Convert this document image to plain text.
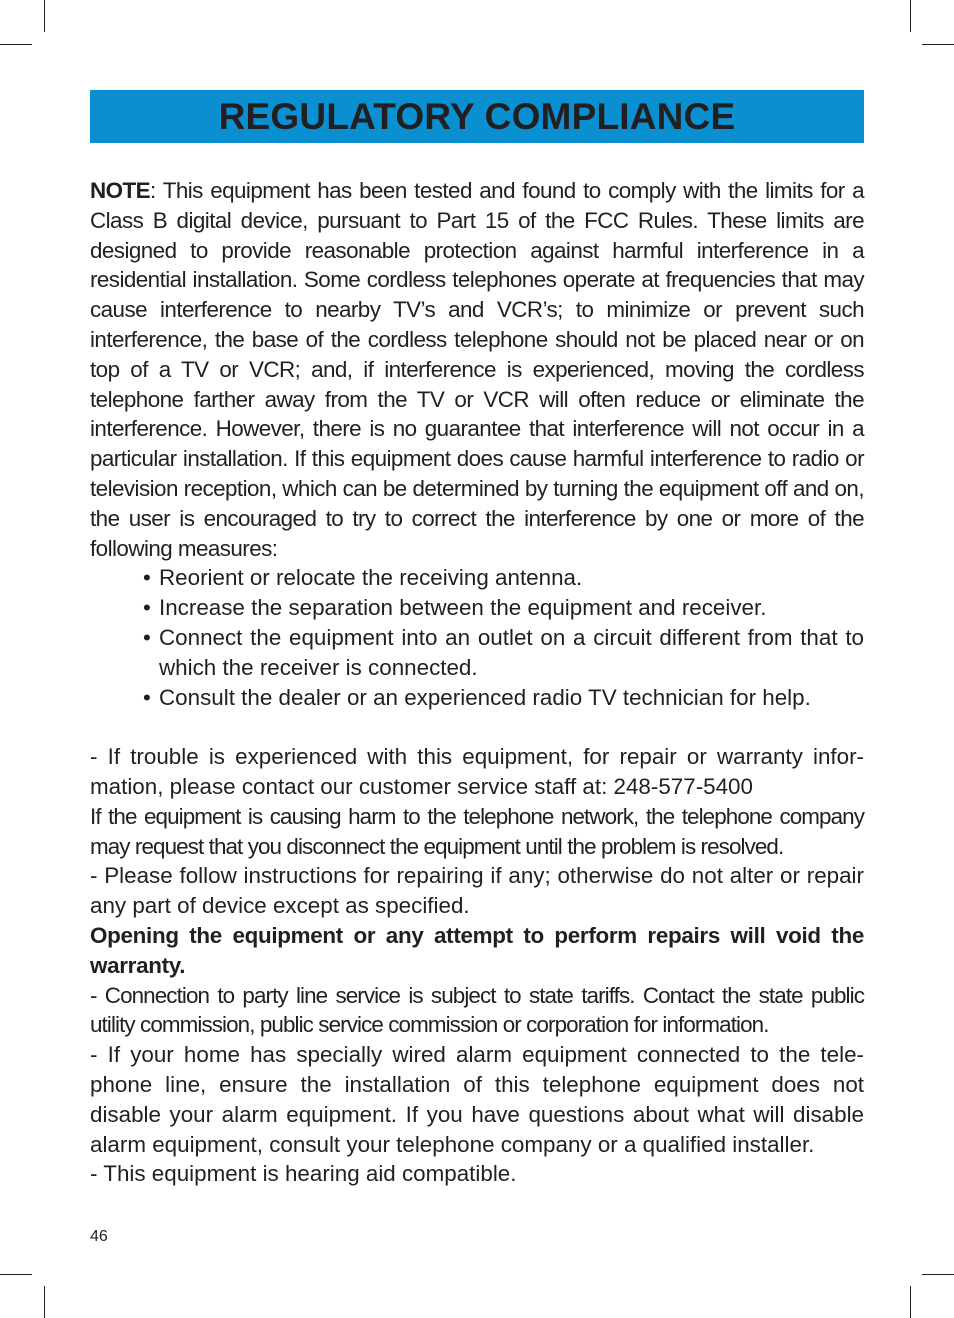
REGULATORY COMPLIANCE

NOTE: This equipment has been tested and found to comply with the limits for a Class B digital device, pursuant to Part 15 of the FCC Rules. These limits are designed to provide reasonable protection against harmful interference in a residential installation. Some cordless telephones operate at frequencies that may cause interference to nearby TV’s and VCR’s; to minimize or prevent such interference, the base of the cordless telephone should not be placed near or on top of a TV or VCR; and, if interference is experienced, moving the cordless telephone farther away from the TV or VCR will often reduce or eliminate the interference. However, there is no guarantee that interference will not occur in a particular installation. If this equipment does cause harmful interference to radio or television reception, which can be determined by turning the equipment off and on, the user is encouraged to try to correct the interference by one or more of the following measures:

• Reorient or relocate the receiving antenna.
• Increase the separation between the equipment and receiver.
• Connect the equipment into an outlet on a circuit different from that to which the receiver is connected.
• Consult the dealer or an experienced radio TV technician for help.

- If trouble is experienced with this equipment, for repair or warranty infor-mation, please contact our customer service staff at: 248-577-5400

If the equipment is causing harm to the telephone network, the telephone company may request that you disconnect the equipment until the problem is resolved.

- Please follow instructions for repairing if any; otherwise do not alter or repair any part of device except as specified.

Opening the equipment or any attempt to perform repairs will void the warranty.

- Connection to party line service is subject to state tariffs. Contact the state public utility commission, public service commission or corporation for information.

- If your home has specially wired alarm equipment connected to the tele-phone line, ensure the installation of this telephone equipment does not disable your alarm equipment. If you have questions about what will disable alarm equipment, consult your telephone company or a qualified installer.

- This equipment is hearing aid compatible.

46
